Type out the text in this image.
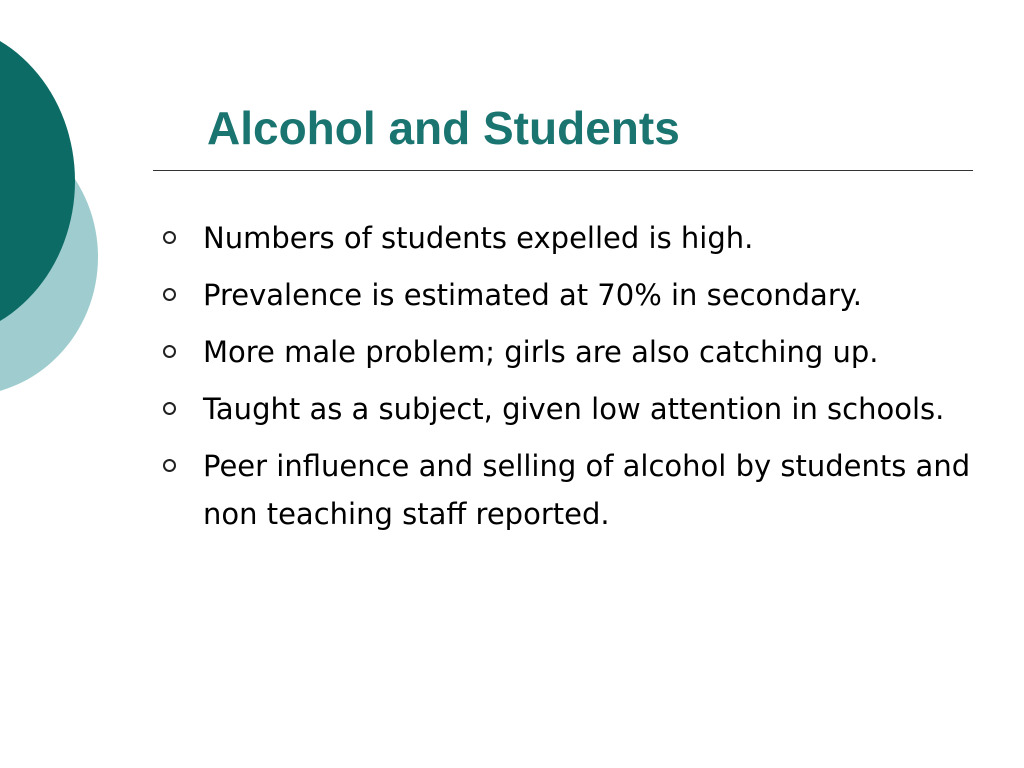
Alcohol and Students
Numbers of students expelled is high.
Prevalence is estimated at 70% in secondary.
More male problem; girls are also catching up.
Taught as a subject, given low attention in schools.
Peer influence and selling of alcohol by students and non teaching staff reported.
